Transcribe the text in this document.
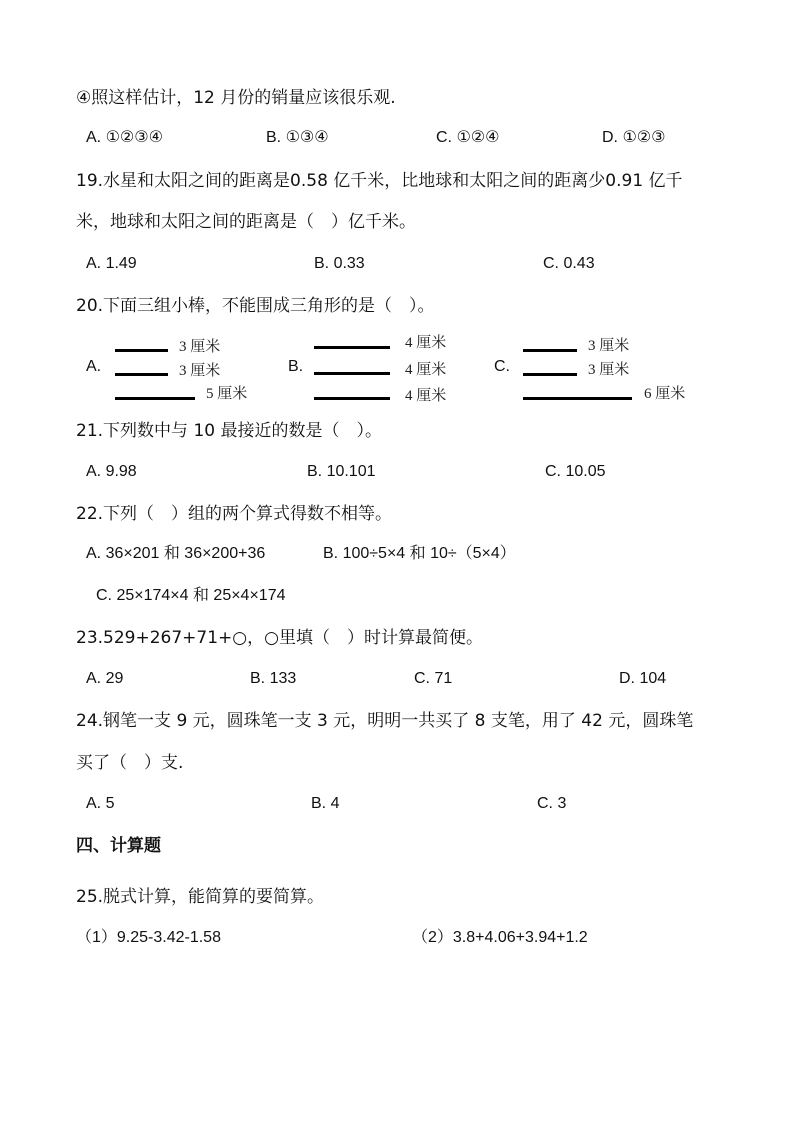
④照这样估计，12 月份的销量应该很乐观.
A. ①②③④	B. ①③④	C. ①②④	D. ①②③
19.水星和太阳之间的距离是0.58 亿千米，比地球和太阳之间的距离少0.91 亿千
米，地球和太阳之间的距离是（　）亿千米。
A. 1.49	B. 0.33	C. 0.43
20.下面三组小棒，不能围成三角形的是（　）。
A.
3 厘米
3 厘米
5 厘米
B.
4 厘米
4 厘米
4 厘米
C.
3 厘米
3 厘米
6 厘米
21.下列数中与 10 最接近的数是（　）。
A. 9.98	B. 10.101	C. 10.05
22.下列（　）组的两个算式得数不相等。
A. 36×201 和 36×200+36	B. 100÷5×4 和 10÷（5×4）
C. 25×174×4 和 25×4×174
23.529+267+71+○，○里填（　）时计算最简便。
A. 29	B. 133	C. 71	D. 104
24.钢笔一支 9 元，圆珠笔一支 3 元，明明一共买了 8 支笔，用了 42 元，圆珠笔
买了（　）支.
A. 5	B. 4	C. 3
四、计算题
25.脱式计算，能简算的要简算。
（1）9.25-3.42-1.58	（2）3.8+4.06+3.94+1.2
